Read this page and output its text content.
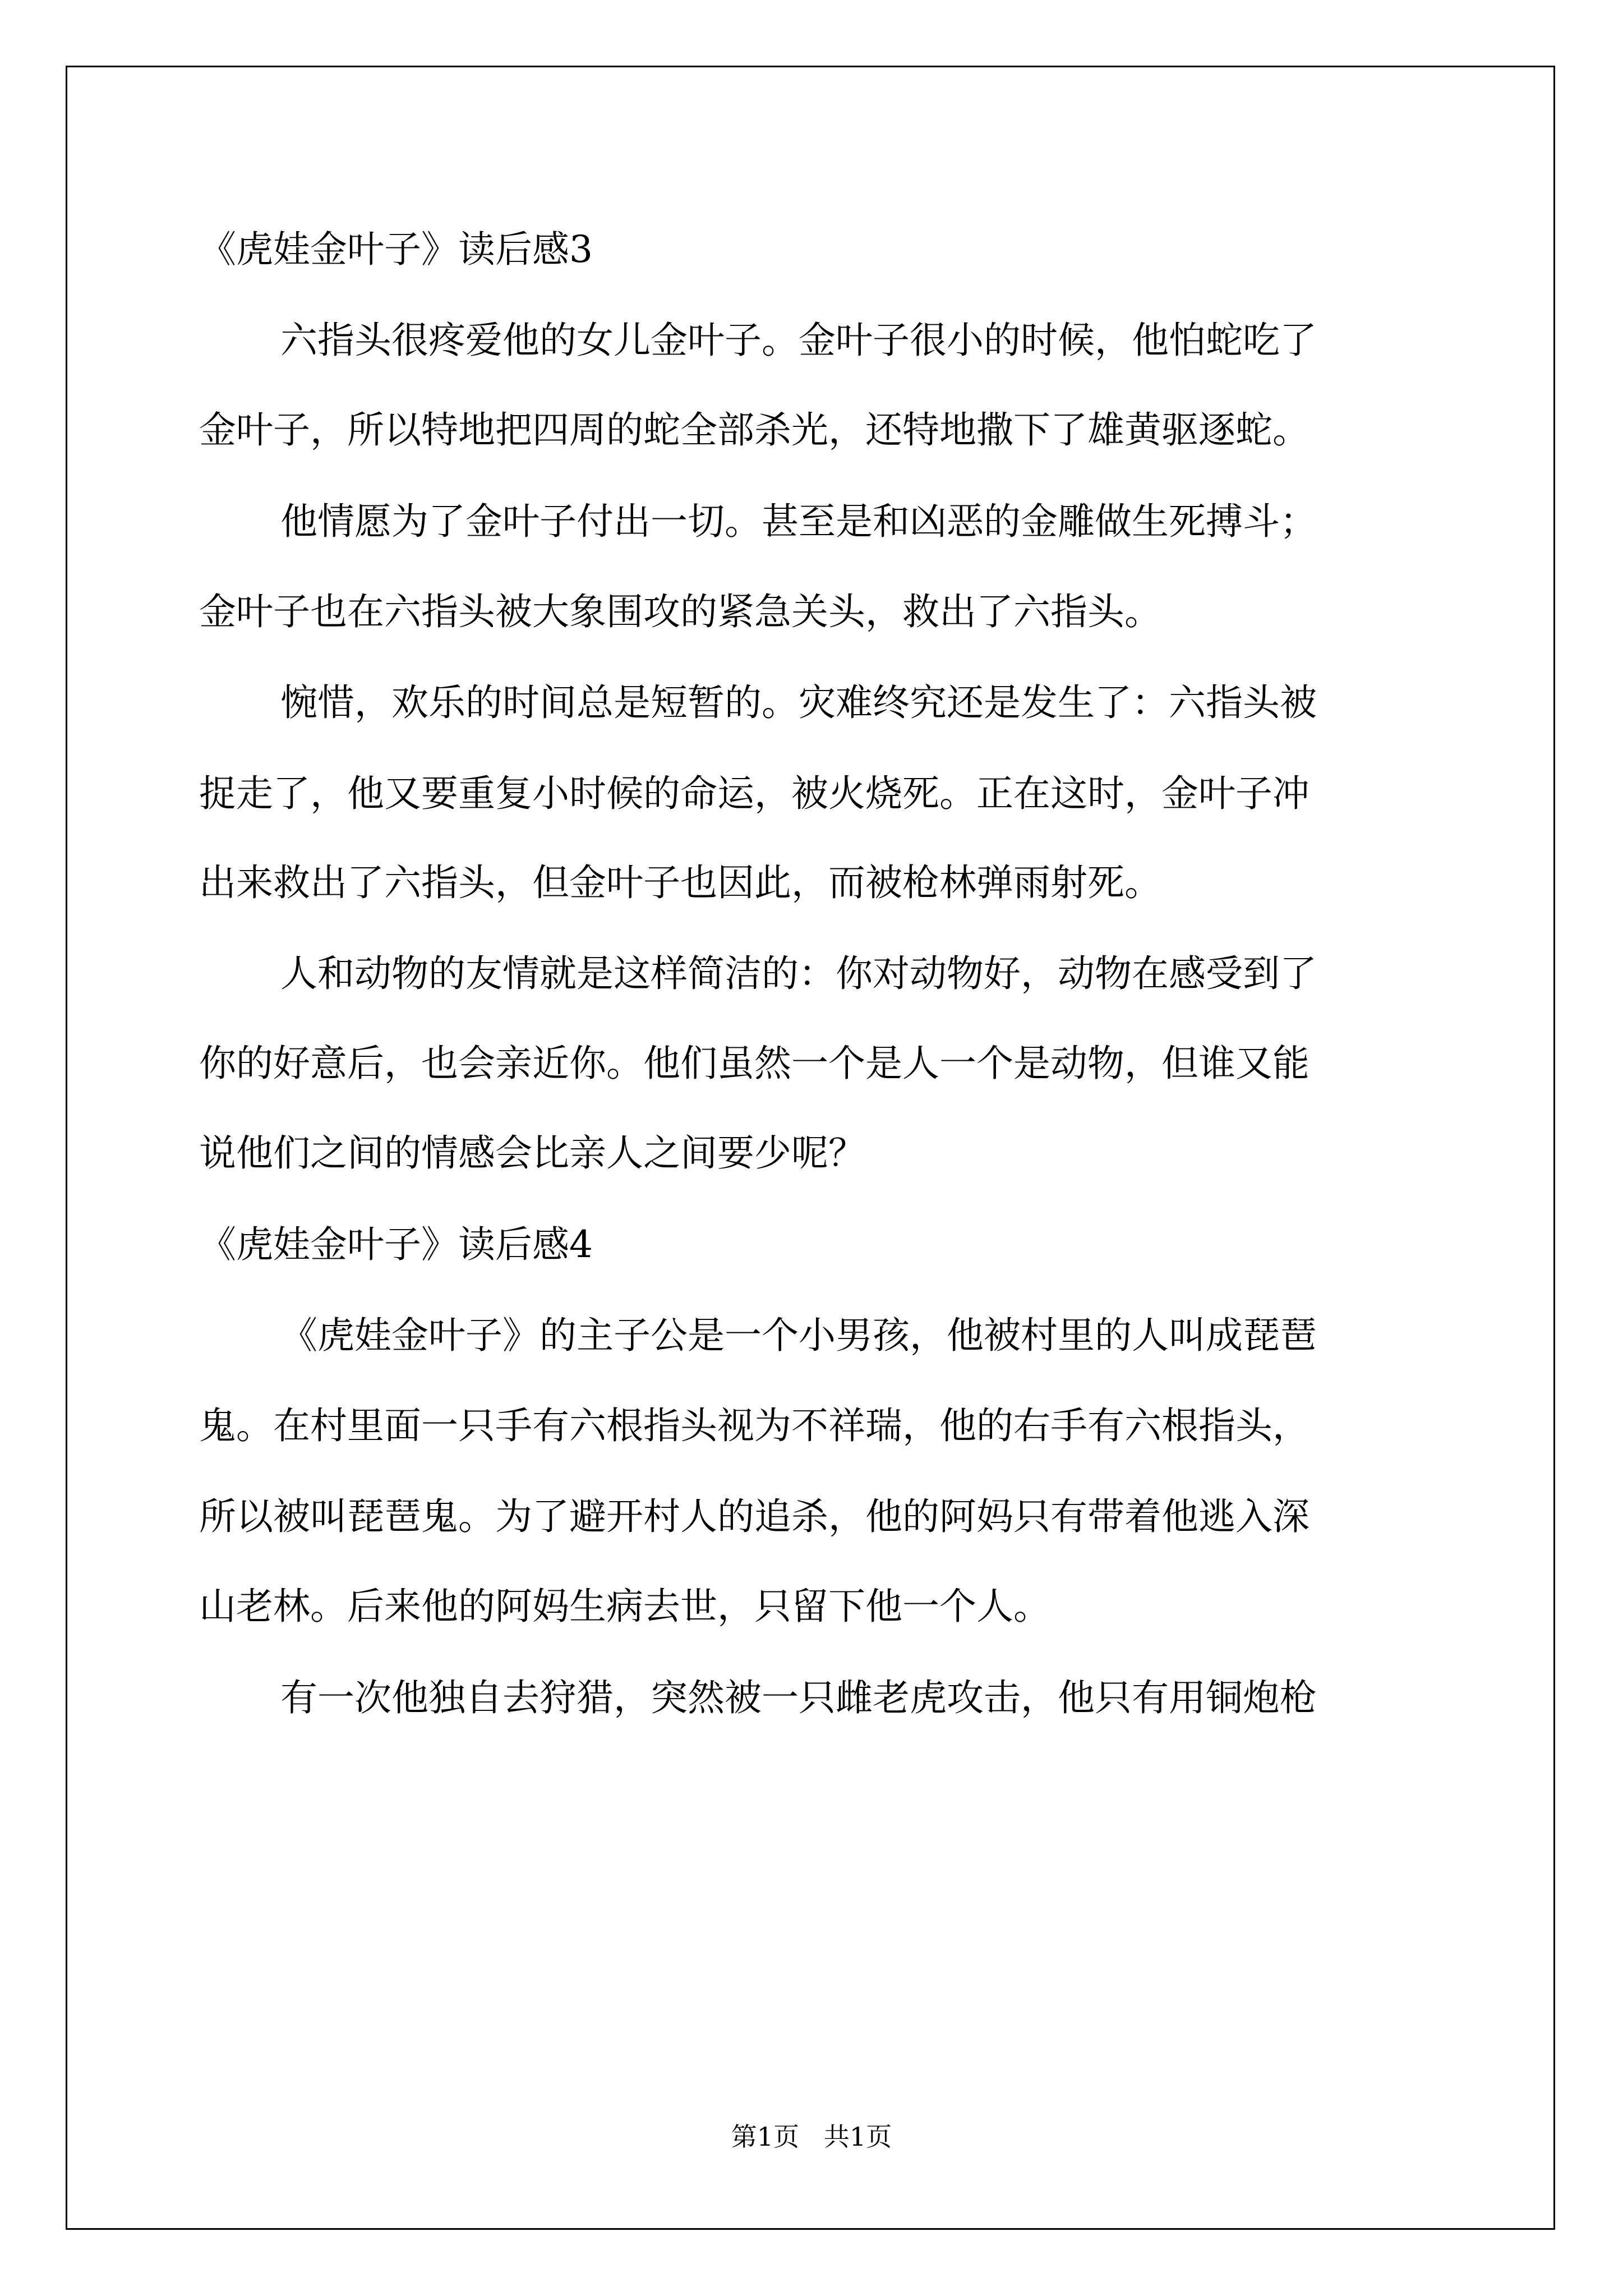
《虎娃金叶子》读后感3
六指头很疼爱他的女儿金叶子。金叶子很小的时候，他怕蛇吃了
金叶子，所以特地把四周的蛇全部杀光，还特地撒下了雄黄驱逐蛇。
他情愿为了金叶子付出一切。甚至是和凶恶的金雕做生死搏斗；
金叶子也在六指头被大象围攻的紧急关头，救出了六指头。
惋惜，欢乐的时间总是短暂的。灾难终究还是发生了：六指头被
捉走了，他又要重复小时候的命运，被火烧死。正在这时，金叶子冲
出来救出了六指头，但金叶子也因此，而被枪林弹雨射死。
人和动物的友情就是这样简洁的：你对动物好，动物在感受到了
你的好意后，也会亲近你。他们虽然一个是人一个是动物，但谁又能
说他们之间的情感会比亲人之间要少呢？
《虎娃金叶子》读后感4
《虎娃金叶子》的主子公是一个小男孩，他被村里的人叫成琵琶
鬼。在村里面一只手有六根指头视为不祥瑞，他的右手有六根指头，
所以被叫琵琶鬼。为了避开村人的追杀，他的阿妈只有带着他逃入深
山老林。后来他的阿妈生病去世，只留下他一个人。
有一次他独自去狩猎，突然被一只雌老虎攻击，他只有用铜炮枪
第1页   共1页
